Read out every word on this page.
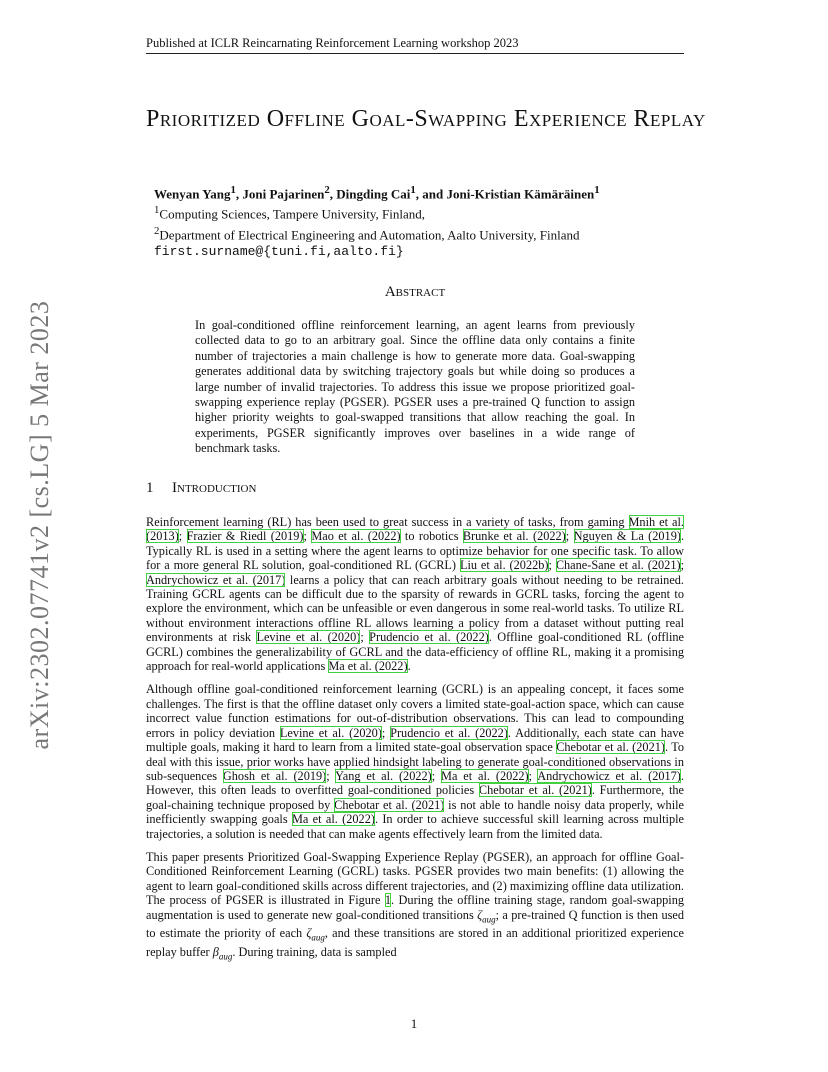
Published at ICLR Reincarnating Reinforcement Learning workshop 2023
arXiv:2302.07741v2 [cs.LG] 5 Mar 2023
Prioritized Offline Goal-Swapping Experience Replay
Wenyan Yang$^1$, Joni Pajarinen$^2$, Dingding Cai$^1$, and Joni-Kristian Kämäräinen$^1$
$^1$Computing Sciences, Tampere University, Finland,
$^2$Department of Electrical Engineering and Automation, Aalto University, Finland
first.surname@{tuni.fi,aalto.fi}
Abstract
In goal-conditioned offline reinforcement learning, an agent learns from previously collected data to go to an arbitrary goal. Since the offline data only contains a finite number of trajectories a main challenge is how to generate more data. Goal-swapping generates additional data by switching trajectory goals but while doing so produces a large number of invalid trajectories. To address this issue we propose prioritized goal-swapping experience replay (PGSER). PGSER uses a pre-trained Q function to assign higher priority weights to goal-swapped transitions that allow reaching the goal. In experiments, PGSER significantly improves over baselines in a wide range of benchmark tasks.
1 Introduction

Reinforcement learning (RL) has been used to great success in a variety of tasks, from gaming Mnih et al. (2013); Frazier & Riedl (2019); Mao et al. (2022) to robotics Brunke et al. (2022); Nguyen & La (2019). Typically RL is used in a setting where the agent learns to optimize behavior for one specific task. To allow for a more general RL solution, goal-conditioned RL (GCRL) Liu et al. (2022b); Chane-Sane et al. (2021); Andrychowicz et al. (2017) learns a policy that can reach arbitrary goals without needing to be retrained. Training GCRL agents can be difficult due to the sparsity of rewards in GCRL tasks, forcing the agent to explore the environment, which can be unfeasible or even dangerous in some real-world tasks. To utilize RL without environment interactions offline RL allows learning a policy from a dataset without putting real environments at risk Levine et al. (2020); Prudencio et al. (2022). Offline goal-conditioned RL (offline GCRL) combines the generalizability of GCRL and the data-efficiency of offline RL, making it a promising approach for real-world applications Ma et al. (2022).

Although offline goal-conditioned reinforcement learning (GCRL) is an appealing concept, it faces some challenges. The first is that the offline dataset only covers a limited state-goal-action space, which can cause incorrect value function estimations for out-of-distribution observations. This can lead to compounding errors in policy deviation Levine et al. (2020); Prudencio et al. (2022). Additionally, each state can have multiple goals, making it hard to learn from a limited state-goal observation space Chebotar et al. (2021). To deal with this issue, prior works have applied hindsight labeling to generate goal-conditioned observations in sub-sequences Ghosh et al. (2019); Yang et al. (2022); Ma et al. (2022); Andrychowicz et al. (2017). However, this often leads to overfitted goal-conditioned policies Chebotar et al. (2021). Furthermore, the goal-chaining technique proposed by Chebotar et al. (2021) is not able to handle noisy data properly, while inefficiently swapping goals Ma et al. (2022). In order to achieve successful skill learning across multiple trajectories, a solution is needed that can make agents effectively learn from the limited data.

This paper presents Prioritized Goal-Swapping Experience Replay (PGSER), an approach for offline Goal-Conditioned Reinforcement Learning (GCRL) tasks. PGSER provides two main benefits: (1) allowing the agent to learn goal-conditioned skills across different trajectories, and (2) maximizing offline data utilization. The process of PGSER is illustrated in Figure 1. During the offline training stage, random goal-swapping augmentation is used to generate new goal-conditioned transitions $\zeta_{aug}$; a pre-trained Q function is then used to estimate the priority of each $\zeta_{aug}$, and these transitions are stored in an additional prioritized experience replay buffer $\beta_{aug}$. During training, data is sampled

1
